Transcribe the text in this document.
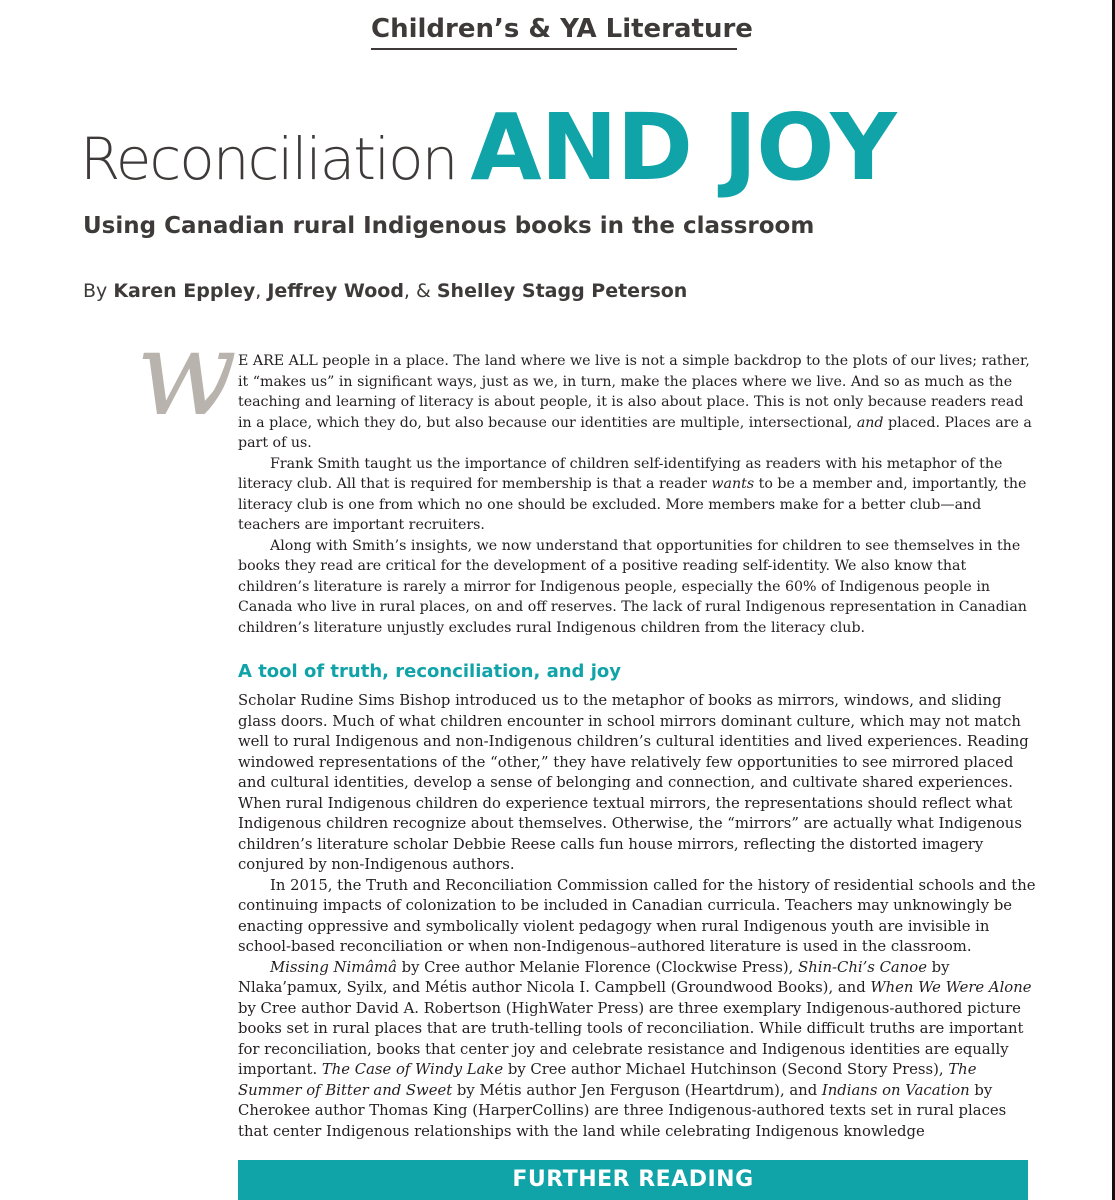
Children’s & YA Literature
Reconciliation AND JOY
Using Canadian rural Indigenous books in the classroom
By Karen Eppley, Jeffrey Wood, & Shelley Stagg Peterson
w E ARE ALL people in a place. The land where we live is not a simple backdrop to the plots of our lives; rather, it “makes us” in significant ways, just as we, in turn, make the places where we live. And so as much as the teaching and learning of literacy is about people, it is also about place. This is not only because readers read in a place, which they do, but also because our identities are multiple, intersectional, and placed. Places are a part of us.

Frank Smith taught us the importance of children self-identifying as readers with his metaphor of the literacy club. All that is required for membership is that a reader wants to be a member and, importantly, the literacy club is one from which no one should be excluded. More members make for a better club—and teachers are important recruiters.

Along with Smith’s insights, we now understand that opportunities for children to see themselves in the books they read are critical for the development of a positive reading self-identity. We also know that children’s literature is rarely a mirror for Indigenous people, especially the 60% of Indigenous people in Canada who live in rural places, on and off reserves. The lack of rural Indigenous representation in Canadian children’s literature unjustly excludes rural Indigenous children from the literacy club.

A tool of truth, reconciliation, and joy

Scholar Rudine Sims Bishop introduced us to the metaphor of books as mirrors, windows, and sliding glass doors. Much of what children encounter in school mirrors dominant culture, which may not match well to rural Indigenous and non-Indigenous children’s cultural identities and lived experiences. Reading windowed representations of the “other,” they have relatively few opportunities to see mirrored placed and cultural identities, develop a sense of belonging and connection, and cultivate shared experiences. When rural Indigenous children do experience textual mirrors, the representations should reflect what Indigenous children recognize about themselves. Otherwise, the “mirrors” are actually what Indigenous children’s literature scholar Debbie Reese calls fun house mirrors, reflecting the distorted imagery conjured by non-Indigenous authors.

In 2015, the Truth and Reconciliation Commission called for the history of residential schools and the continuing impacts of colonization to be included in Canadian curricula. Teachers may unknowingly be enacting oppressive and symbolically violent pedagogy when rural Indigenous youth are invisible in school-based reconciliation or when non-Indigenous–authored literature is used in the classroom.

Missing Nimâmâ by Cree author Melanie Florence (Clockwise Press), Shin-Chi’s Canoe by Nlaka’pamux, Syilx, and Métis author Nicola I. Campbell (Groundwood Books), and When We Were Alone by Cree author David A. Robertson (HighWater Press) are three exemplary Indigenous-authored picture books set in rural places that are truth-telling tools of reconciliation. While difficult truths are important for reconciliation, books that center joy and celebrate resistance and Indigenous identities are equally important. The Case of Windy Lake by Cree author Michael Hutchinson (Second Story Press), The Summer of Bitter and Sweet by Métis author Jen Ferguson (Heartdrum), and Indians on Vacation by Cherokee author Thomas King (HarperCollins) are three Indigenous-authored texts set in rural places that center Indigenous relationships with the land while celebrating Indigenous knowledge

FURTHER READING
